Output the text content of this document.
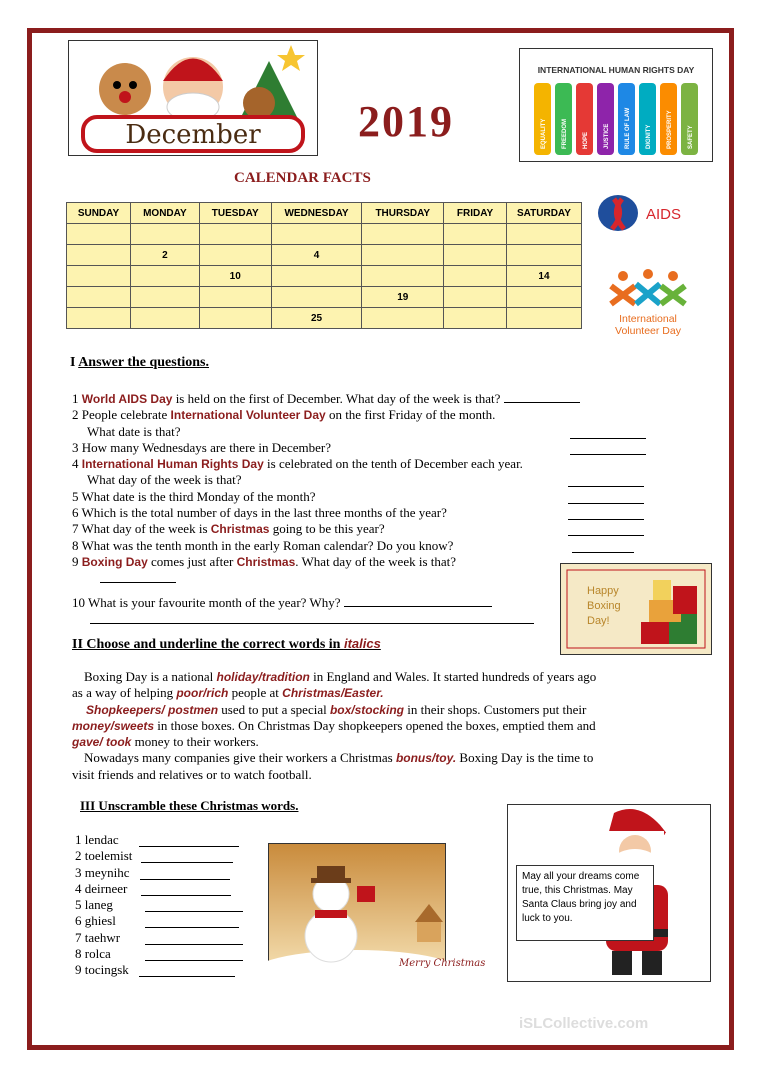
December 2019
INTERNATIONAL HUMAN RIGHTS DAY
EQUALITY	FREEDOM	HOPE	JUSTICE	RULE OF LAW	DIGNITY	PROSPERITY	SAFETY
CALENDAR FACTS
SUNDAY	MONDAY	TUESDAY	WEDNESDAY	THURSDAY	FRIDAY	SATURDAY

	2		4			
		10				14
				19		
			25			
AIDS
International
Volunteer Day
I Answer the questions.
1 World AIDS Day is held on the first of December. What day of the week is that?
2 People celebrate International Volunteer Day on the first Friday of the month.
What date is that?
3 How many Wednesdays are there in December?
4 International Human Rights Day is celebrated on the tenth of December each year.
What day of the week is that?
5 What date is the third Monday of the month?
6 Which is the total number of days in the last three months of the year?
7 What day of the week is Christmas going to be this year?
8 What was the tenth month in the early Roman calendar? Do you know?
9 Boxing Day comes just after Christmas. What day of the week is that?
10 What is your favourite month of the year? Why?
Happy
Boxing
Day!
II Choose and underline the correct words in italics
Boxing Day is a national holiday/tradition in England and Wales. It started hundreds of years ago
as a way of helping poor/rich people at Christmas/Easter.
Shopkeepers/ postmen used to put a special box/stocking in their shops. Customers put their
money/sweets in those boxes. On Christmas Day shopkeepers opened the boxes, emptied them and
gave/ took money to their workers.
Nowadays many companies give their workers a Christmas bonus/toy. Boxing Day is the time to
visit friends and relatives or to watch football.
III Unscramble these Christmas words.
1 lendac
2 toelemist
3 meynihc
4 deirneer
5 laneg
6 ghiesl
7 taehwr
8 rolca
9 tocingsk	Merry Christmas
May all your dreams come true, this Christmas. May Santa Claus bring joy and luck to you.
iSLCollective.com
